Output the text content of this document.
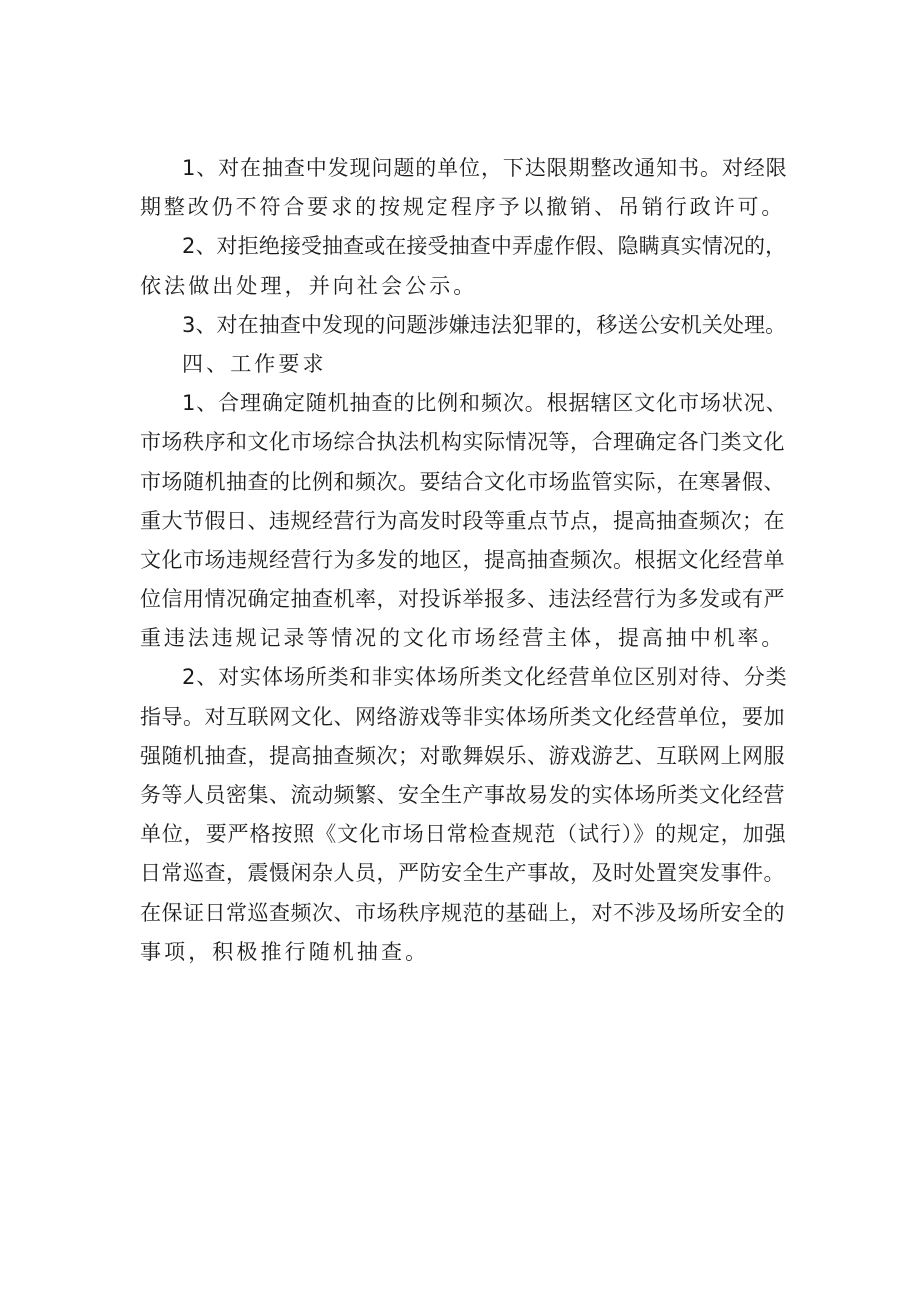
1、对在抽查中发现问题的单位，下达限期整改通知书。对经限
期整改仍不符合要求的按规定程序予以撤销、吊销行政许可。
2、对拒绝接受抽查或在接受抽查中弄虚作假、隐瞒真实情况的，
依法做出处理，并向社会公示。
3、对在抽查中发现的问题涉嫌违法犯罪的，移送公安机关处理。
四、工作要求
1、合理确定随机抽查的比例和频次。根据辖区文化市场状况、
市场秩序和文化市场综合执法机构实际情况等，合理确定各门类文化
市场随机抽查的比例和频次。要结合文化市场监管实际，在寒暑假、
重大节假日、违规经营行为高发时段等重点节点，提高抽查频次；在
文化市场违规经营行为多发的地区，提高抽查频次。根据文化经营单
位信用情况确定抽查机率，对投诉举报多、违法经营行为多发或有严
重违法违规记录等情况的文化市场经营主体，提高抽中机率。
2、对实体场所类和非实体场所类文化经营单位区别对待、分类
指导。对互联网文化、网络游戏等非实体场所类文化经营单位，要加
强随机抽查，提高抽查频次；对歌舞娱乐、游戏游艺、互联网上网服
务等人员密集、流动频繁、安全生产事故易发的实体场所类文化经营
单位，要严格按照《文化市场日常检查规范（试行）》的规定，加强
日常巡查，震慑闲杂人员，严防安全生产事故，及时处置突发事件。
在保证日常巡查频次、市场秩序规范的基础上，对不涉及场所安全的
事项，积极推行随机抽查。
